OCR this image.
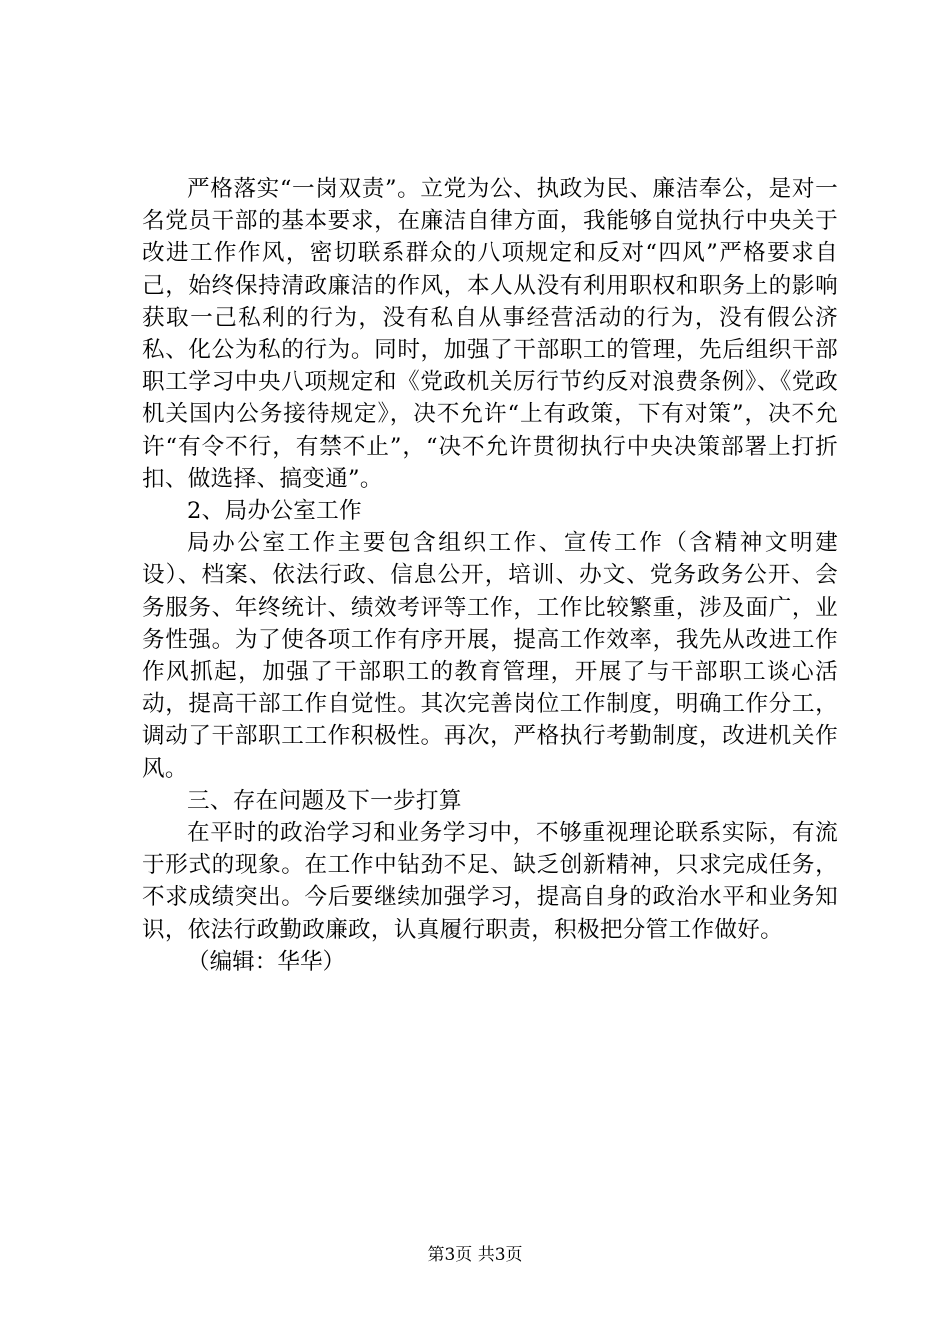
严格落实“一岗双责”。立党为公、执政为民、廉洁奉公，是对一名党员干部的基本要求，在廉洁自律方面，我能够自觉执行中央关于改进工作作风，密切联系群众的八项规定和反对“四风”严格要求自己，始终保持清政廉洁的作风，本人从没有利用职权和职务上的影响获取一己私利的行为，没有私自从事经营活动的行为，没有假公济私、化公为私的行为。同时，加强了干部职工的管理，先后组织干部职工学习中央八项规定和《党政机关厉行节约反对浪费条例》、《党政机关国内公务接待规定》，决不允许“上有政策，下有对策”，决不允许“有令不行，有禁不止”，“决不允许贯彻执行中央决策部署上打折扣、做选择、搞变通”。

2、局办公室工作

局办公室工作主要包含组织工作、宣传工作（含精神文明建设）、档案、依法行政、信息公开，培训、办文、党务政务公开、会务服务、年终统计、绩效考评等工作，工作比较繁重，涉及面广，业务性强。为了使各项工作有序开展，提高工作效率，我先从改进工作作风抓起，加强了干部职工的教育管理，开展了与干部职工谈心活动，提高干部工作自觉性。其次完善岗位工作制度，明确工作分工，调动了干部职工工作积极性。再次，严格执行考勤制度，改进机关作风。

三、存在问题及下一步打算

在平时的政治学习和业务学习中，不够重视理论联系实际，有流于形式的现象。在工作中钻劲不足、缺乏创新精神，只求完成任务，不求成绩突出。今后要继续加强学习，提高自身的政治水平和业务知识，依法行政勤政廉政，认真履行职责，积极把分管工作做好。

（编辑：华华）

第3页 共3页
